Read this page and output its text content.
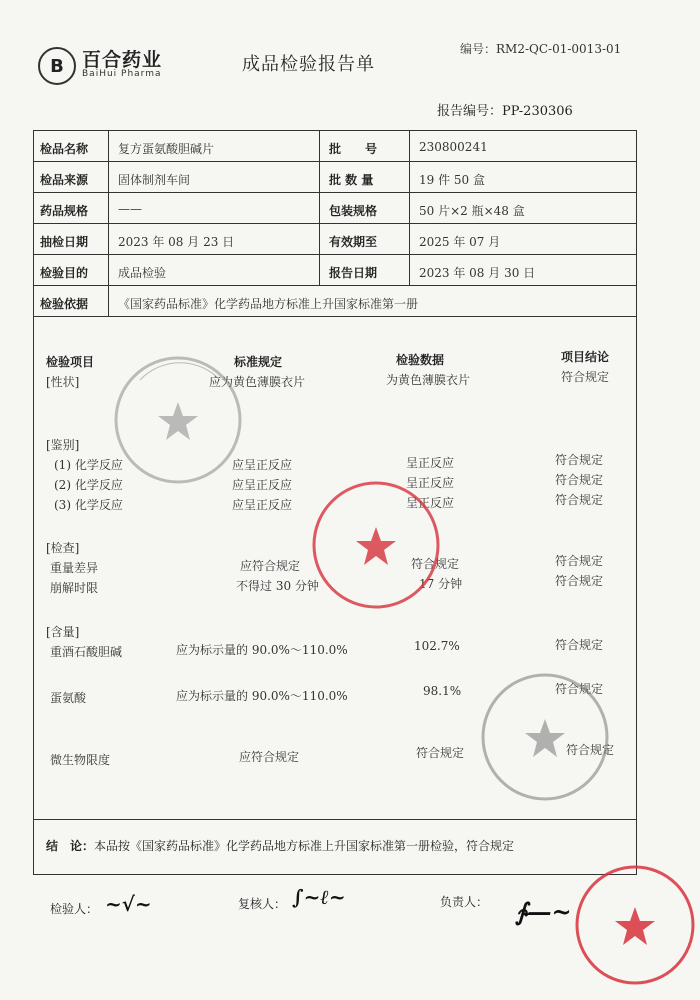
B 百合药业
BaiHui Pharma	成品检验报告单
编号：RM2-QC-01-0013-01
报告编号：PP-230306
检品名称 复方蛋氨酸胆碱片	批　　号	230800241
检品来源 固体制剂车间	批 数 量	19 件 50 盒
药品规格 ——	包装规格	50 片×2 瓶×48 盒
抽检日期 2023 年 08 月 23 日	有效期至	2025 年 07 月
检验目的 成品检验	报告日期	2023 年 08 月 30 日
检验依据 《国家药品标准》化学药品地方标准上升国家标准第一册
检验项目	标准规定	检验数据	项目结论
[性状]	应为黄色薄膜衣片	为黄色薄膜衣片	符合规定
[鉴别]
(1) 化学反应	应呈正反应	呈正反应	符合规定
(2) 化学反应	应呈正反应	呈正反应	符合规定
(3) 化学反应	应呈正反应	呈正反应	符合规定
[检查]
重量差异	应符合规定	符合规定	符合规定
崩解时限	不得过 30 分钟	17 分钟	符合规定
[含量]
重酒石酸胆碱	应为标示量的 90.0%～110.0%	102.7%	符合规定
蛋氨酸	应为标示量的 90.0%～110.0%	98.1%	符合规定
微生物限度	应符合规定	符合规定	符合规定
结　论：本品按《国家药品标准》化学药品地方标准上升国家标准第一册检验，符合规定
检验人： ~√~	复核人： ∫~ℓ~	负责人： ∱—~
